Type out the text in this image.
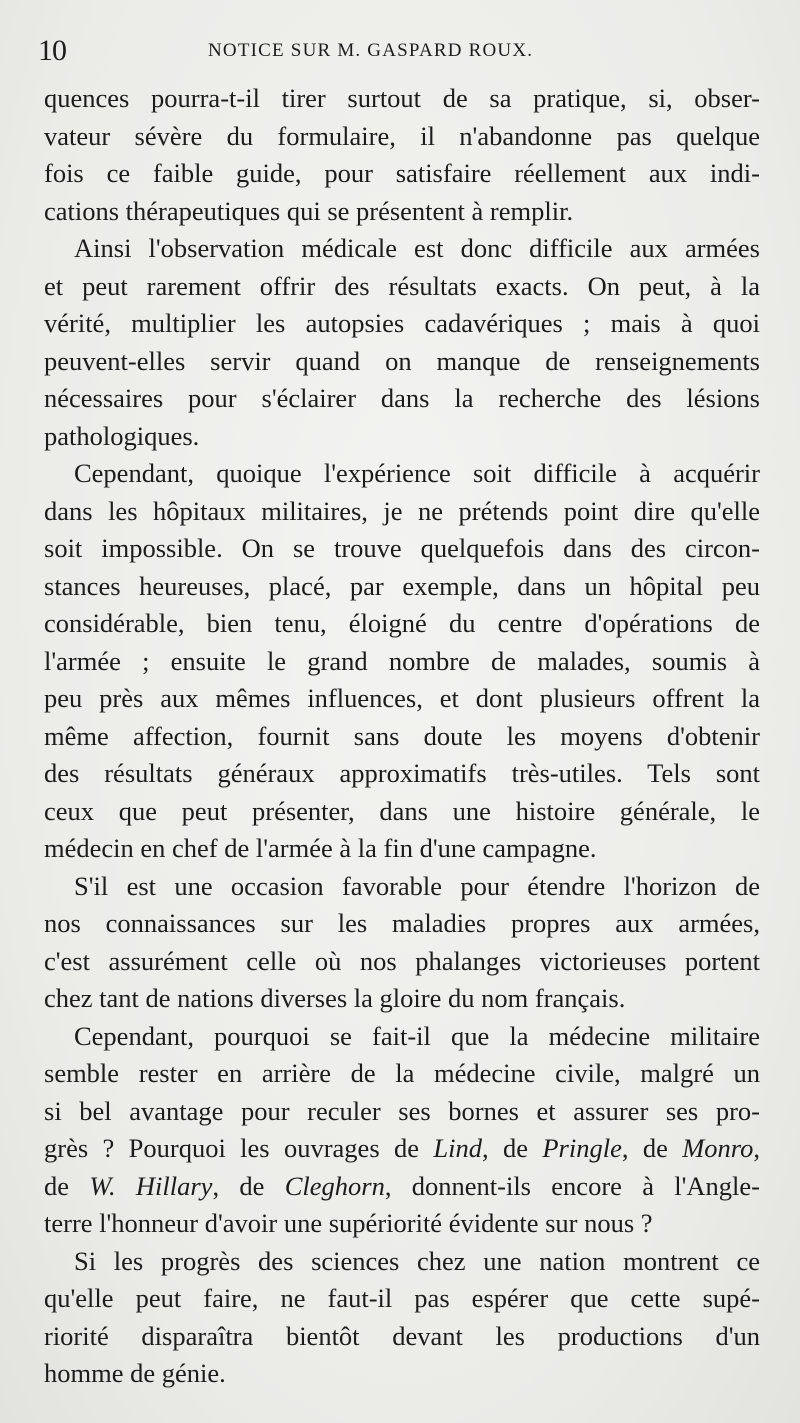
10	NOTICE SUR M. GASPARD ROUX.
quences pourra-t-il tirer surtout de sa pratique, si, obser-
vateur sévère du formulaire, il n'abandonne pas quelque
fois ce faible guide, pour satisfaire réellement aux indi-
cations thérapeutiques qui se présentent à remplir.
Ainsi l'observation médicale est donc difficile aux armées
et peut rarement offrir des résultats exacts. On peut, à la
vérité, multiplier les autopsies cadavériques ; mais à quoi
peuvent-elles servir quand on manque de renseignements
nécessaires pour s'éclairer dans la recherche des lésions
pathologiques.
Cependant, quoique l'expérience soit difficile à acquérir
dans les hôpitaux militaires, je ne prétends point dire qu'elle
soit impossible. On se trouve quelquefois dans des circon-
stances heureuses, placé, par exemple, dans un hôpital peu
considérable, bien tenu, éloigné du centre d'opérations de
l'armée ; ensuite le grand nombre de malades, soumis à
peu près aux mêmes influences, et dont plusieurs offrent la
même affection, fournit sans doute les moyens d'obtenir
des résultats généraux approximatifs très-utiles. Tels sont
ceux que peut présenter, dans une histoire générale, le
médecin en chef de l'armée à la fin d'une campagne.
S'il est une occasion favorable pour étendre l'horizon de
nos connaissances sur les maladies propres aux armées,
c'est assurément celle où nos phalanges victorieuses portent
chez tant de nations diverses la gloire du nom français.
Cependant, pourquoi se fait-il que la médecine militaire
semble rester en arrière de la médecine civile, malgré un
si bel avantage pour reculer ses bornes et assurer ses pro-
grès ? Pourquoi les ouvrages de Lind, de Pringle, de Monro,
de W. Hillary, de Cleghorn, donnent-ils encore à l'Angle-
terre l'honneur d'avoir une supériorité évidente sur nous ?
Si les progrès des sciences chez une nation montrent ce
qu'elle peut faire, ne faut-il pas espérer que cette supé-
riorité disparaîtra bientôt devant les productions d'un
homme de génie.
